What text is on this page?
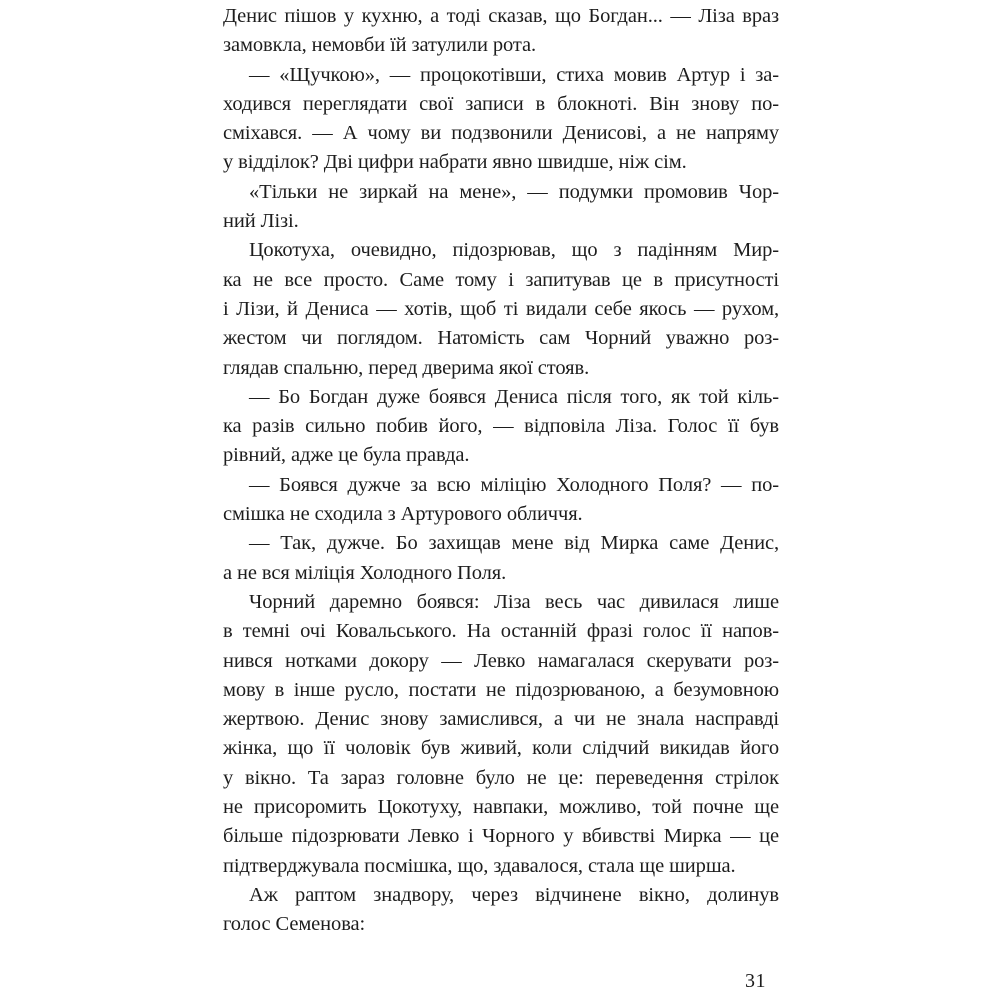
Денис пішов у кухню, а тоді сказав, що Богдан... — Ліза враз
замовкла, немовби їй затулили рота.
— «Щучкою», — процокотівши, стиха мовив Артур і за-
ходився переглядати свої записи в блокноті. Він знову по-
сміхався. — А чому ви подзвонили Денисові, а не напряму
у відділок? Дві цифри набрати явно швидше, ніж сім.
«Тільки не зиркай на мене», — подумки промовив Чор-
ний Лізі.
Цокотуха, очевидно, підозрював, що з падінням Мир-
ка не все просто. Саме тому і запитував це в присутності
і Лізи, й Дениса — хотів, щоб ті видали себе якось — рухом,
жестом чи поглядом. Натомість сам Чорний уважно роз-
глядав спальню, перед дверима якої стояв.
— Бо Богдан дуже боявся Дениса після того, як той кіль-
ка разів сильно побив його, — відповіла Ліза. Голос її був
рівний, адже це була правда.
— Боявся дужче за всю міліцію Холодного Поля? — по-
смішка не сходила з Артурового обличчя.
— Так, дужче. Бо захищав мене від Мирка саме Денис,
а не вся міліція Холодного Поля.
Чорний даремно боявся: Ліза весь час дивилася лише
в темні очі Ковальського. На останній фразі голос її напов-
нився нотками докору — Левко намагалася скерувати роз-
мову в інше русло, постати не підозрюваною, а безумовною
жертвою. Денис знову замислився, а чи не знала насправді
жінка, що її чоловік був живий, коли слідчий викидав його
у вікно. Та зараз головне було не це: переведення стрілок
не присоромить Цокотуху, навпаки, можливо, той почне ще
більше підозрювати Левко і Чорного у вбивстві Мирка — це
підтверджувала посмішка, що, здавалося, стала ще ширша.
Аж раптом знадвору, через відчинене вікно, долинув
голос Семенова:
31
